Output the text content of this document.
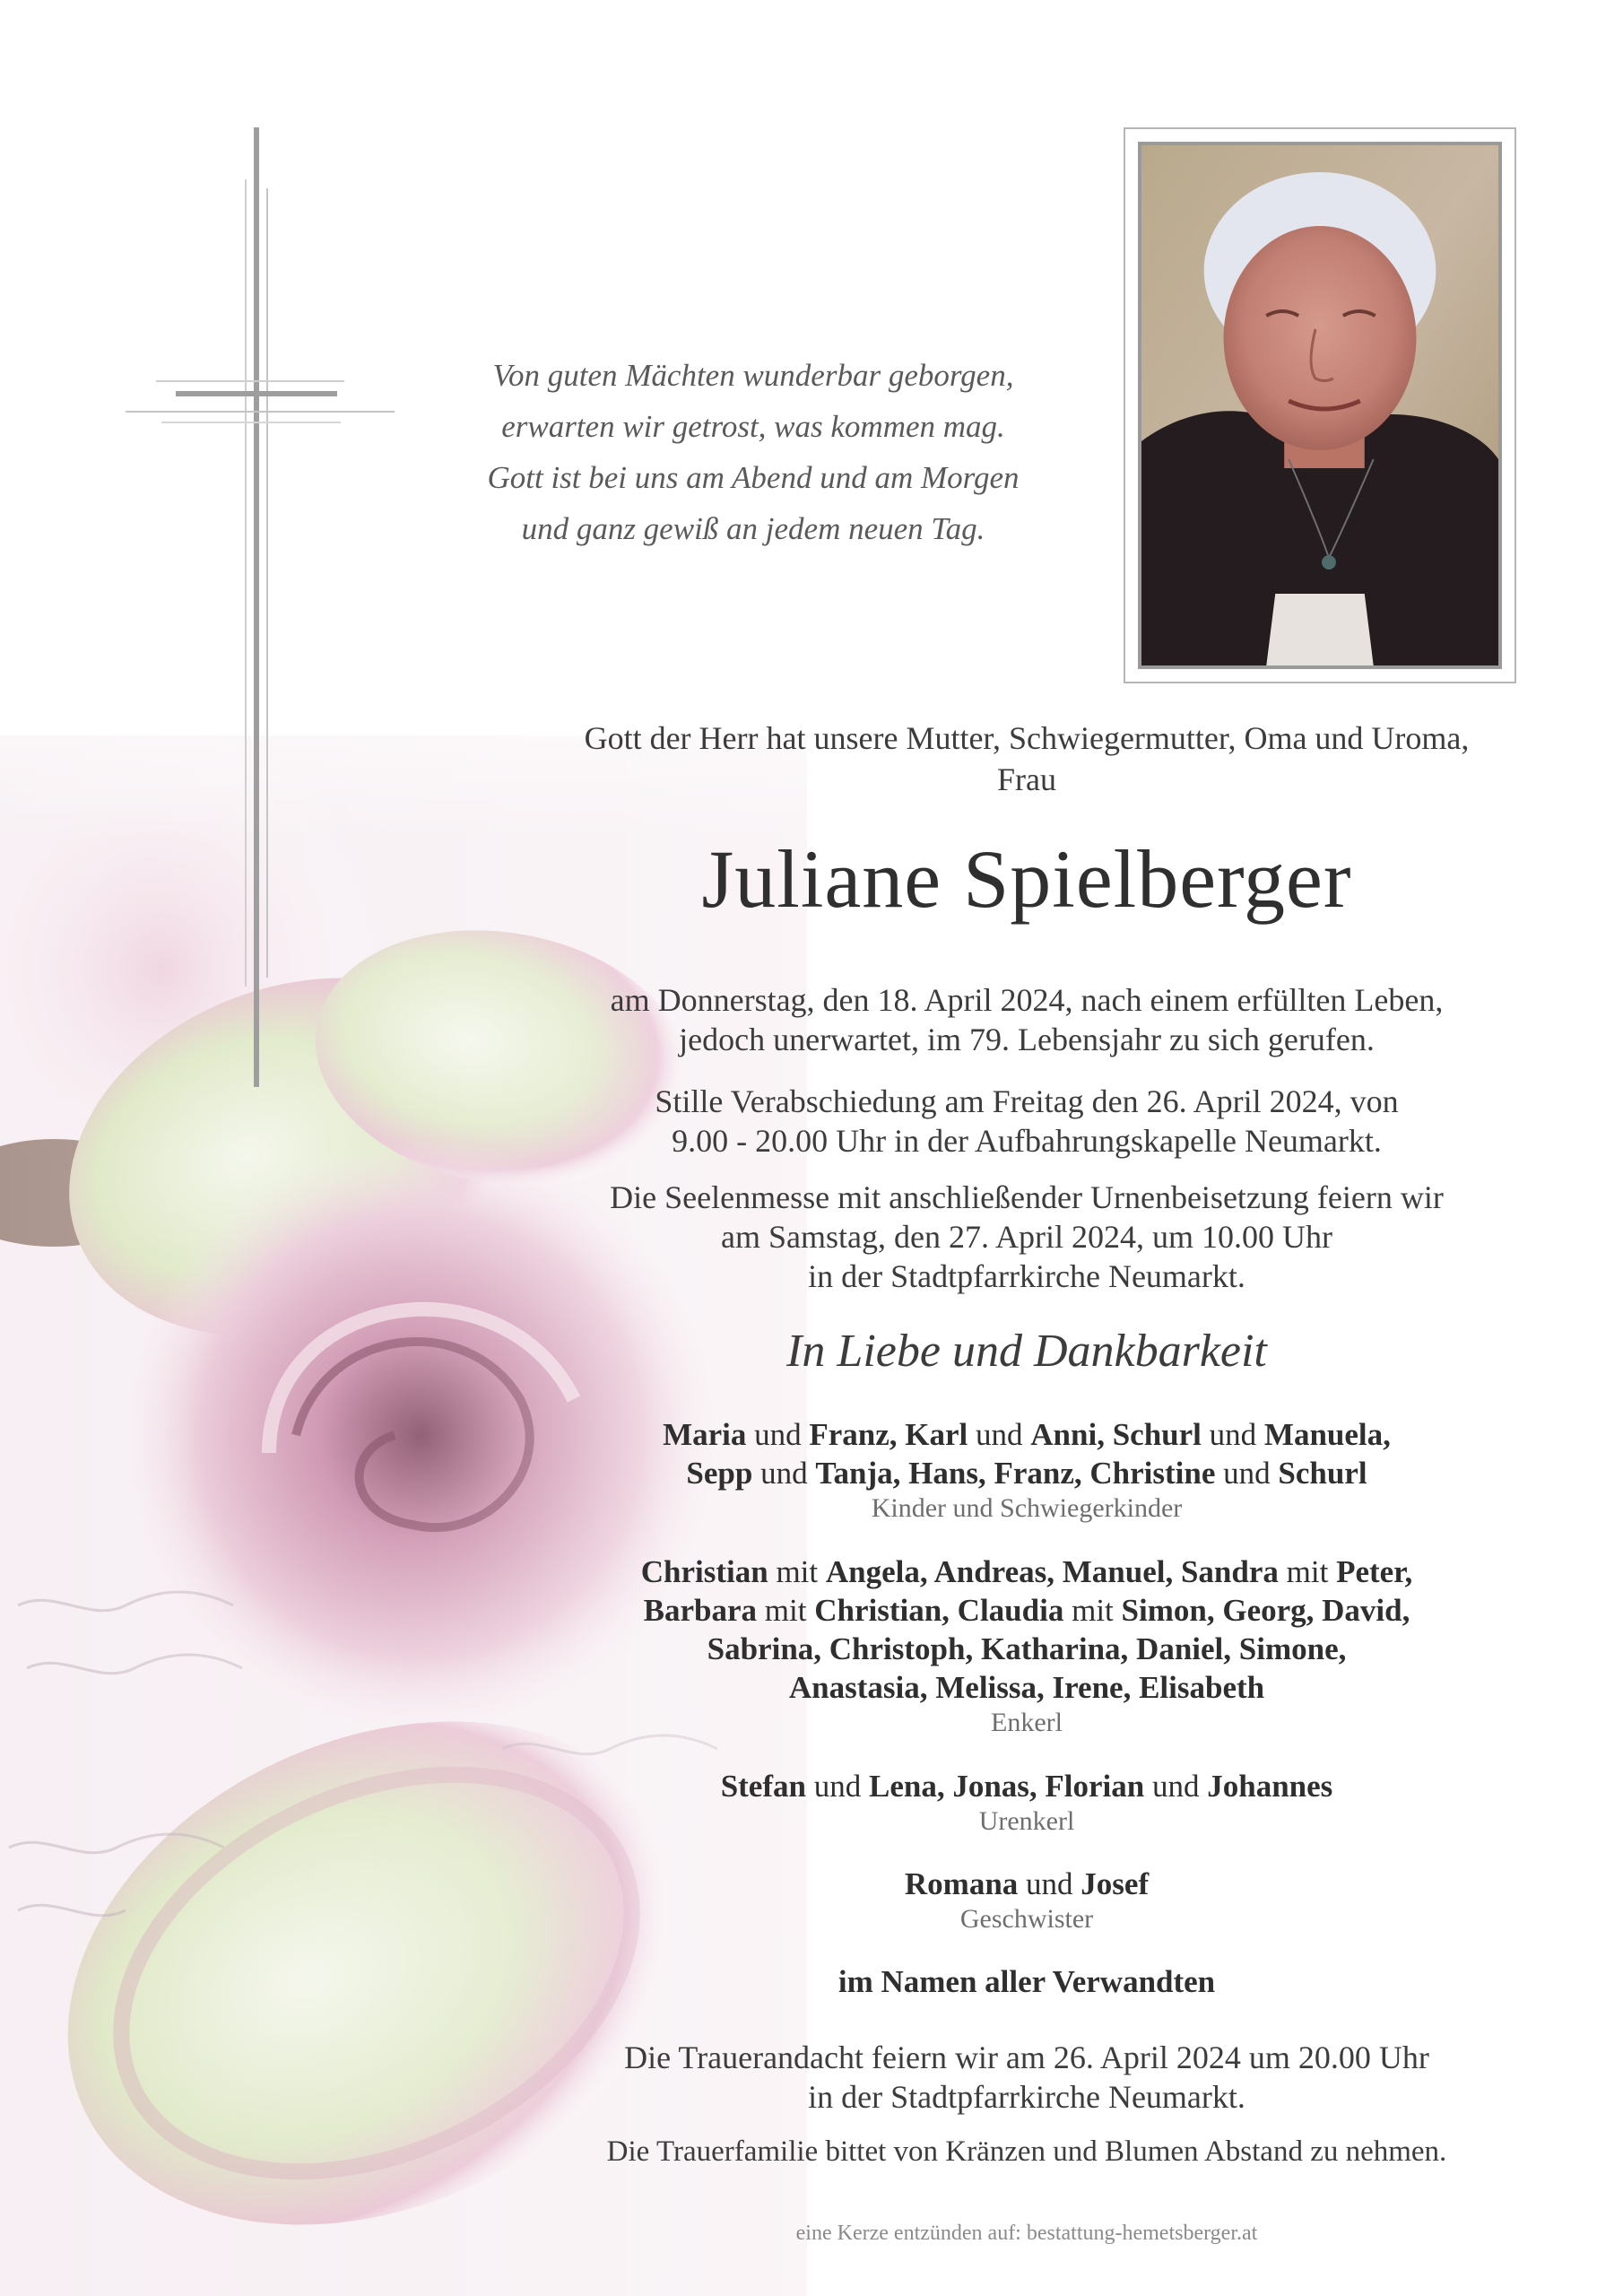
Von guten Mächten wunderbar geborgen,
erwarten wir getrost, was kommen mag.
Gott ist bei uns am Abend und am Morgen
und ganz gewiß an jedem neuen Tag.
Gott der Herr hat unsere Mutter, Schwiegermutter, Oma und Uroma,
Frau
Juliane Spielberger
am Donnerstag, den 18. April 2024, nach einem erfüllten Leben,
jedoch unerwartet, im 79. Lebensjahr zu sich gerufen.
Stille Verabschiedung am Freitag den 26. April 2024, von
9.00 - 20.00 Uhr in der Aufbahrungskapelle Neumarkt.
Die Seelenmesse mit anschließender Urnenbeisetzung feiern wir
am Samstag, den 27. April 2024, um 10.00 Uhr
in der Stadtpfarrkirche Neumarkt.
In Liebe und Dankbarkeit
Maria und Franz, Karl und Anni, Schurl und Manuela,
Sepp und Tanja, Hans, Franz, Christine und Schurl
Kinder und Schwiegerkinder
Christian mit Angela, Andreas, Manuel, Sandra mit Peter,
Barbara mit Christian, Claudia mit Simon, Georg, David,
Sabrina, Christoph, Katharina, Daniel, Simone,
Anastasia, Melissa, Irene, Elisabeth
Enkerl
Stefan und Lena, Jonas, Florian und Johannes
Urenkerl
Romana und Josef
Geschwister
im Namen aller Verwandten
Die Trauerandacht feiern wir am 26. April 2024 um 20.00 Uhr
in der Stadtpfarrkirche Neumarkt.
Die Trauerfamilie bittet von Kränzen und Blumen Abstand zu nehmen.
eine Kerze entzünden auf: bestattung-hemetsberger.at
